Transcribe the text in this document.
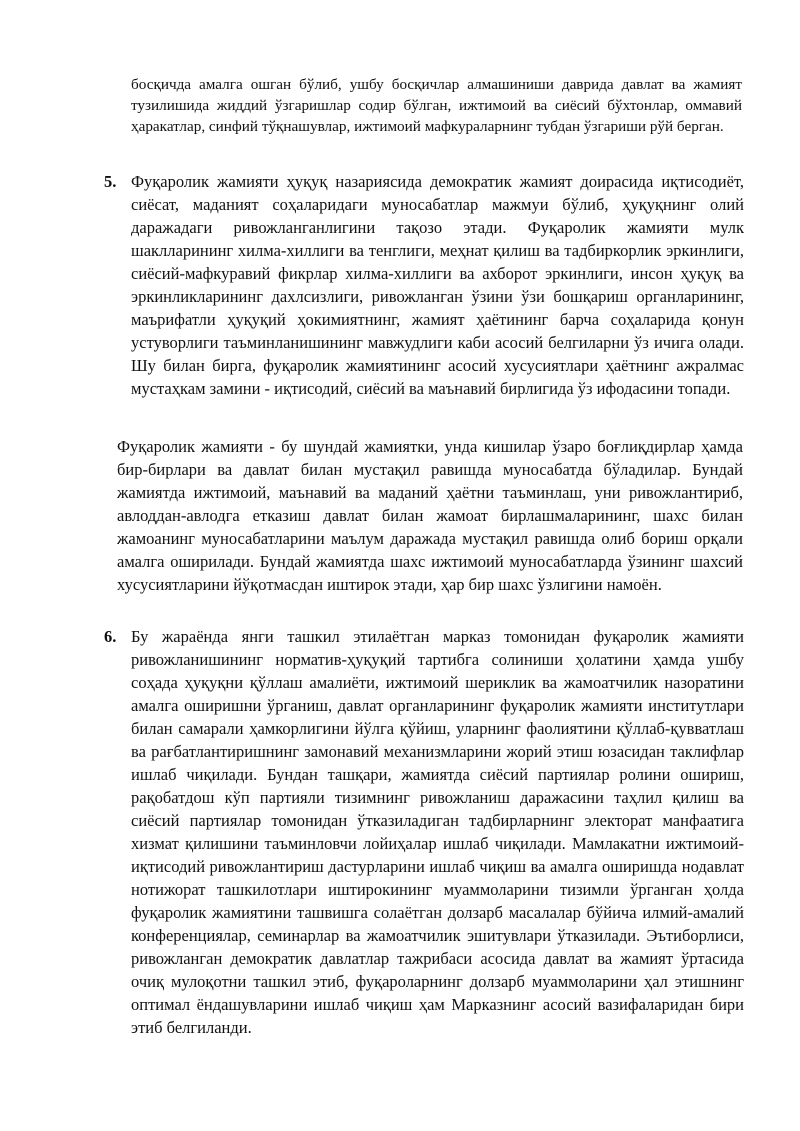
босқичда амалга ошган бўлиб, ушбу босқичлар алмашиниши даврида давлат ва жамият тузилишида жиддий ўзгаришлар содир бўлган, ижтимоий ва сиёсий бўхтонлар, оммавий ҳаракатлар, синфий тўқнашувлар, ижтимоий мафкураларнинг тубдан ўзгариши рўй берган.

5. Фуқаролик жамияти ҳуқуқ назариясида демократик жамият доирасида иқтисодиёт, сиёсат, маданият соҳаларидаги муносабатлар мажмуи бўлиб, ҳуқуқнинг олий даражадаги ривожланганлигини тақозо этади. Фуқаролик жамияти мулк шаклларининг хилма-хиллиги ва тенглиги, меҳнат қилиш ва тадбиркорлик эркинлиги, сиёсий-мафкуравий фикрлар хилма-хиллиги ва ахборот эркинлиги, инсон ҳуқуқ ва эркинликларининг дахлсизлиги, ривожланган ўзини ўзи бошқариш органларининг, маърифатли ҳуқуқий ҳокимиятнинг, жамият ҳаётининг барча соҳаларида қонун устуворлиги таъминланишининг мавжудлиги каби асосий белгиларни ўз ичига олади. Шу билан бирга, фуқаролик жамиятининг асосий хусусиятлари ҳаётнинг ажралмас мустаҳкам замини - иқтисодий, сиёсий ва маънавий бирлигида ўз ифодасини топади.

Фуқаролик жамияти - бу шундай жамиятки, унда кишилар ўзаро боғлиқдирлар ҳамда бир-бирлари ва давлат билан мустақил равишда муносабатда бўладилар. Бундай жамиятда ижтимоий, маънавий ва маданий ҳаётни таъминлаш, уни ривожлантириб, авлоддан-авлодга етказиш давлат билан жамоат бирлашмаларининг, шахс билан жамоанинг муносабатларини маълум даражада мустақил равишда олиб бориш орқали амалга оширилади. Бундай жамиятда шахс ижтимоий муносабатларда ўзининг шахсий хусусиятларини йўқотмасдан иштирок этади, ҳар бир шахс ўзлигини намоён.

6. Бу жараёнда янги ташкил этилаётган марказ томонидан фуқаролик жамияти ривожланишининг норматив-ҳуқуқий тартибга солиниши ҳолатини ҳамда ушбу соҳада ҳуқуқни қўллаш амалиёти, ижтимоий шериклик ва жамоатчилик назоратини амалга оширишни ўрганиш, давлат органларининг фуқаролик жамияти институтлари билан самарали ҳамкорлигини йўлга қўйиш, уларнинг фаолиятини қўллаб-қувватлаш ва рағбатлантиришнинг замонавий механизмларини жорий этиш юзасидан таклифлар ишлаб чиқилади. Бундан ташқари, жамиятда сиёсий партиялар ролини ошириш, рақобатдош кўп партияли тизимнинг ривожланиш даражасини таҳлил қилиш ва сиёсий партиялар томонидан ўтказиладиган тадбирларнинг электорат манфаатига хизмат қилишини таъминловчи лойиҳалар ишлаб чиқилади. Мамлакатни ижтимоий-иқтисодий ривожлантириш дастурларини ишлаб чиқиш ва амалга оширишда нодавлат нотижорат ташкилотлари иштирокининг муаммоларини тизимли ўрганган ҳолда фуқаролик жамиятини ташвишга солаётган долзарб масалалар бўйича илмий-амалий конференциялар, семинарлар ва жамоатчилик эшитувлари ўтказилади. Эътиборлиси, ривожланган демократик давлатлар тажрибаси асосида давлат ва жамият ўртасида очиқ мулоқотни ташкил этиб, фуқароларнинг долзарб муаммоларини ҳал этишнинг оптимал ёндашувларини ишлаб чиқиш ҳам Марказнинг асосий вазифаларидан бири этиб белгиланди.
